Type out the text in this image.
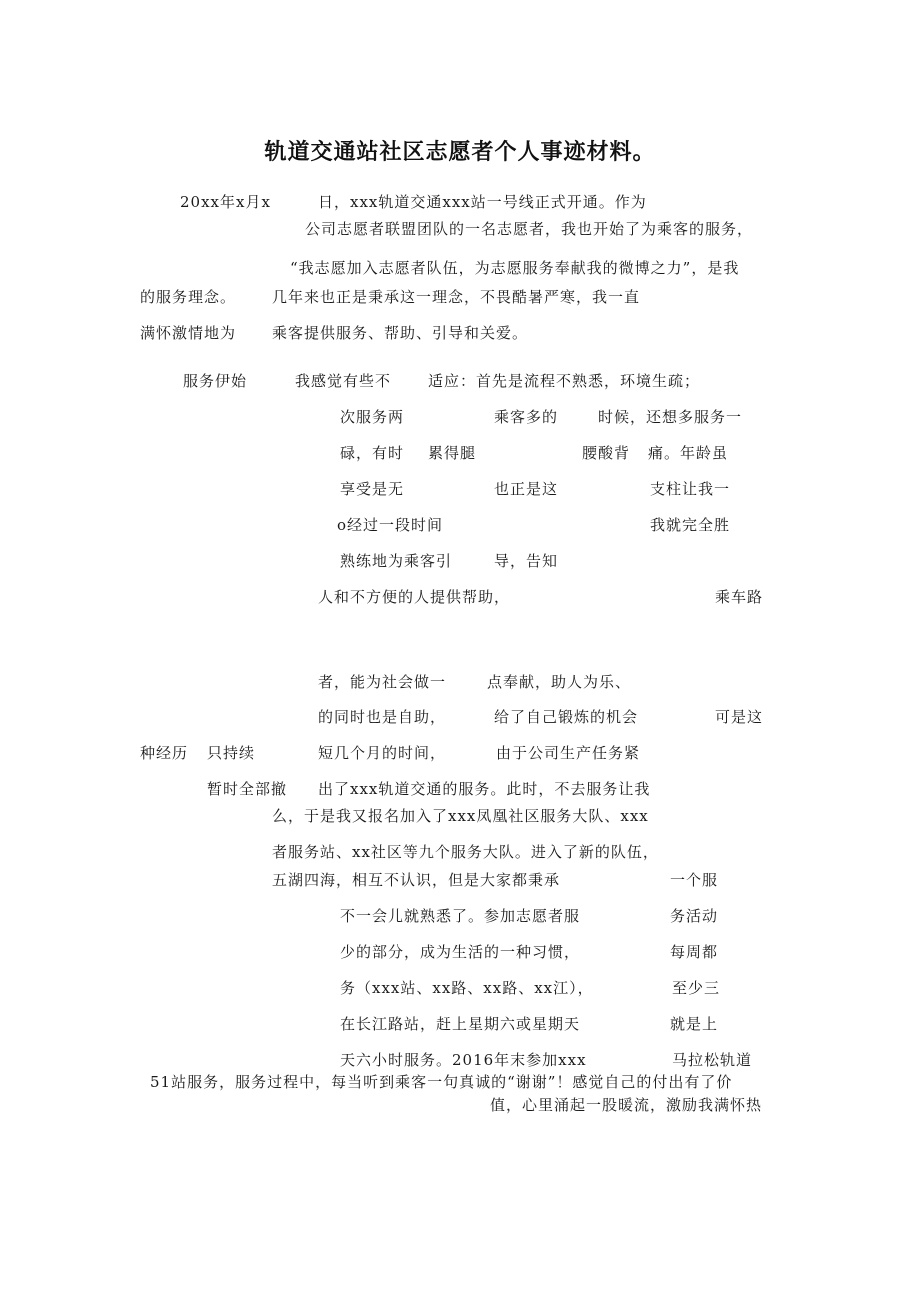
轨道交通站社区志愿者个人事迹材料。
20xx年x月x	日，xxx轨道交通xxx站一号线正式开通。作为
公司志愿者联盟团队的一名志愿者，我也开始了为乘客的服务，
“我志愿加入志愿者队伍，为志愿服务奉献我的微博之力”，是我
的服务理念。 几年来也正是秉承这一理念，不畏酷暑严寒，我一直
满怀激情地为 乘客提供服务、帮助、引导和关爱。
服务伊始	我感觉有些不 适应：首先是流程不熟悉，环境生疏；
次服务两	乘客多的	时候，还想多服务一
碌，有时 累得腿	腰酸背 痛。年龄虽
享受是无	也正是这	支柱让我一
o经过一段时间	我就完全胜
熟练地为乘客引	导，告知
人和不方便的人提供帮助，	乘车路
者，能为社会做一	点奉献，助人为乐、
的同时也是自助，	给了自己锻炼的机会	可是这
种经历 只持续	短几个月的时间，	由于公司生产任务紧
暂时全部撤 出了xxx轨道交通的服务。此时，不去服务让我
么，于是我又报名加入了xxx凤凰社区服务大队、xxx
者服务站、xx社区等九个服务大队。进入了新的队伍，
五湖四海，相互不认识，但是大家都秉承	一个服
不一会儿就熟悉了。参加志愿者服	务活动
少的部分，成为生活的一种习惯，	每周都
务（xxx站、xx路、xx路、xx江），	至少三
在长江路站，赶上星期六或星期天	就是上
天六小时服务。2016年末参加xxx	马拉松轨道
51站服务，服务过程中，每当听到乘客一句真诚的“谢谢”！感觉自己的付出有了价
值，心里涌起一股暖流，激励我满怀热
